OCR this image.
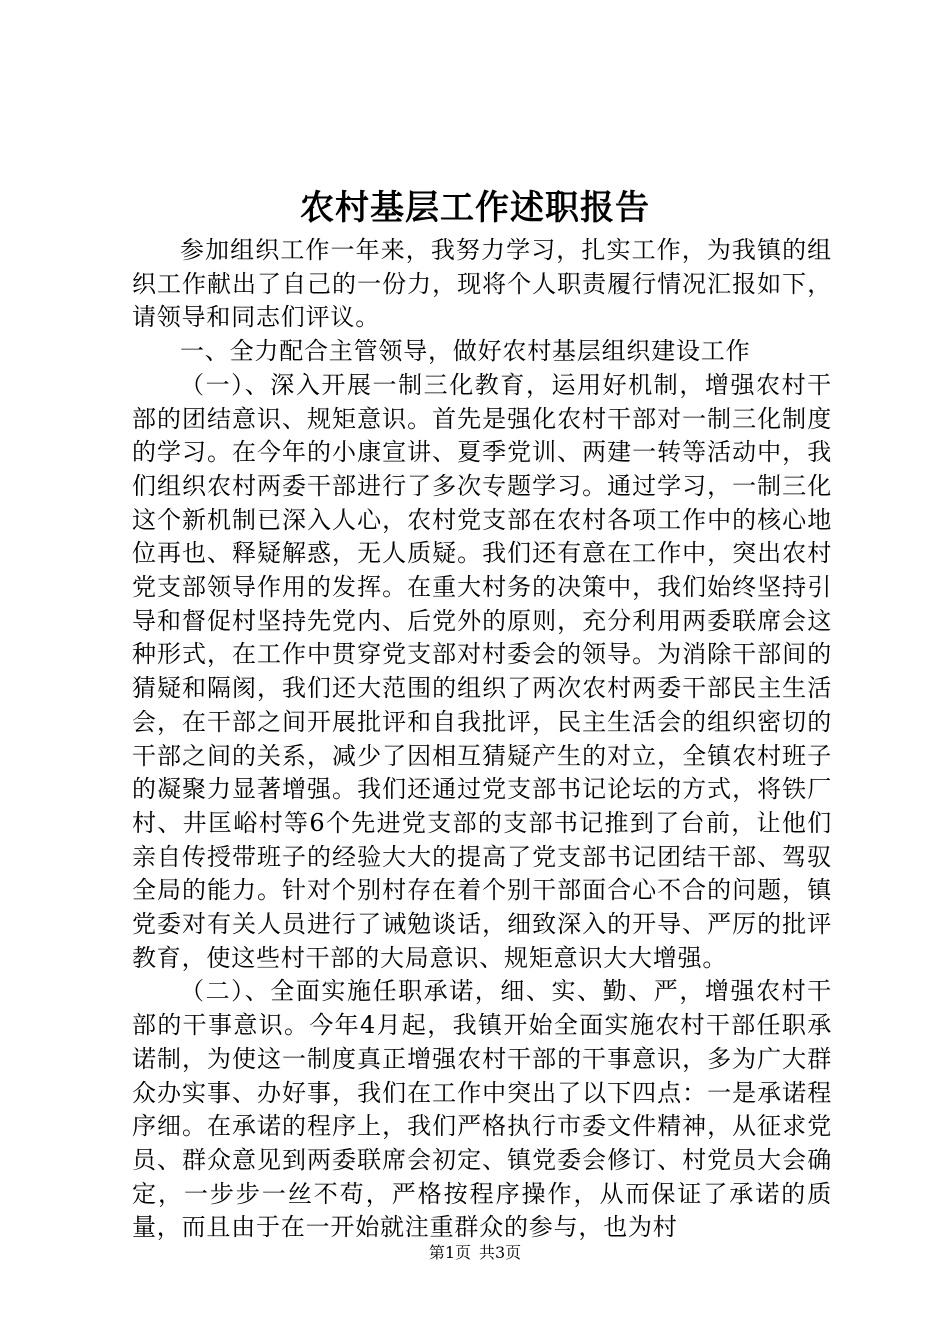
农村基层工作述职报告

参加组织工作一年来，我努力学习，扎实工作，为我镇的组织工作献出了自己的一份力，现将个人职责履行情况汇报如下，请领导和同志们评议。

一、全力配合主管领导，做好农村基层组织建设工作

（一）、深入开展一制三化教育，运用好机制，增强农村干部的团结意识、规矩意识。首先是强化农村干部对一制三化制度的学习。在今年的小康宣讲、夏季党训、两建一转等活动中，我们组织农村两委干部进行了多次专题学习。通过学习，一制三化这个新机制已深入人心，农村党支部在农村各项工作中的核心地位再也、释疑解惑，无人质疑。我们还有意在工作中，突出农村党支部领导作用的发挥。在重大村务的决策中，我们始终坚持引导和督促村坚持先党内、后党外的原则，充分利用两委联席会这种形式，在工作中贯穿党支部对村委会的领导。为消除干部间的猜疑和隔阂，我们还大范围的组织了两次农村两委干部民主生活会，在干部之间开展批评和自我批评，民主生活会的组织密切的干部之间的关系，减少了因相互猜疑产生的对立，全镇农村班子的凝聚力显著增强。我们还通过党支部书记论坛的方式，将铁厂村、井匡峪村等6个先进党支部的支部书记推到了台前，让他们亲自传授带班子的经验大大的提高了党支部书记团结干部、驾驭全局的能力。针对个别村存在着个别干部面合心不合的问题，镇党委对有关人员进行了诫勉谈话，细致深入的开导、严厉的批评教育，使这些村干部的大局意识、规矩意识大大增强。

（二）、全面实施任职承诺，细、实、勤、严，增强农村干部的干事意识。今年4月起，我镇开始全面实施农村干部任职承诺制，为使这一制度真正增强农村干部的干事意识，多为广大群众办实事、办好事，我们在工作中突出了以下四点：一是承诺程序细。在承诺的程序上，我们严格执行市委文件精神，从征求党员、群众意见到两委联席会初定、镇党委会修订、村党员大会确定，一步步一丝不苟，严格按程序操作，从而保证了承诺的质量，而且由于在一开始就注重群众的参与，也为村

第1页 共3页
